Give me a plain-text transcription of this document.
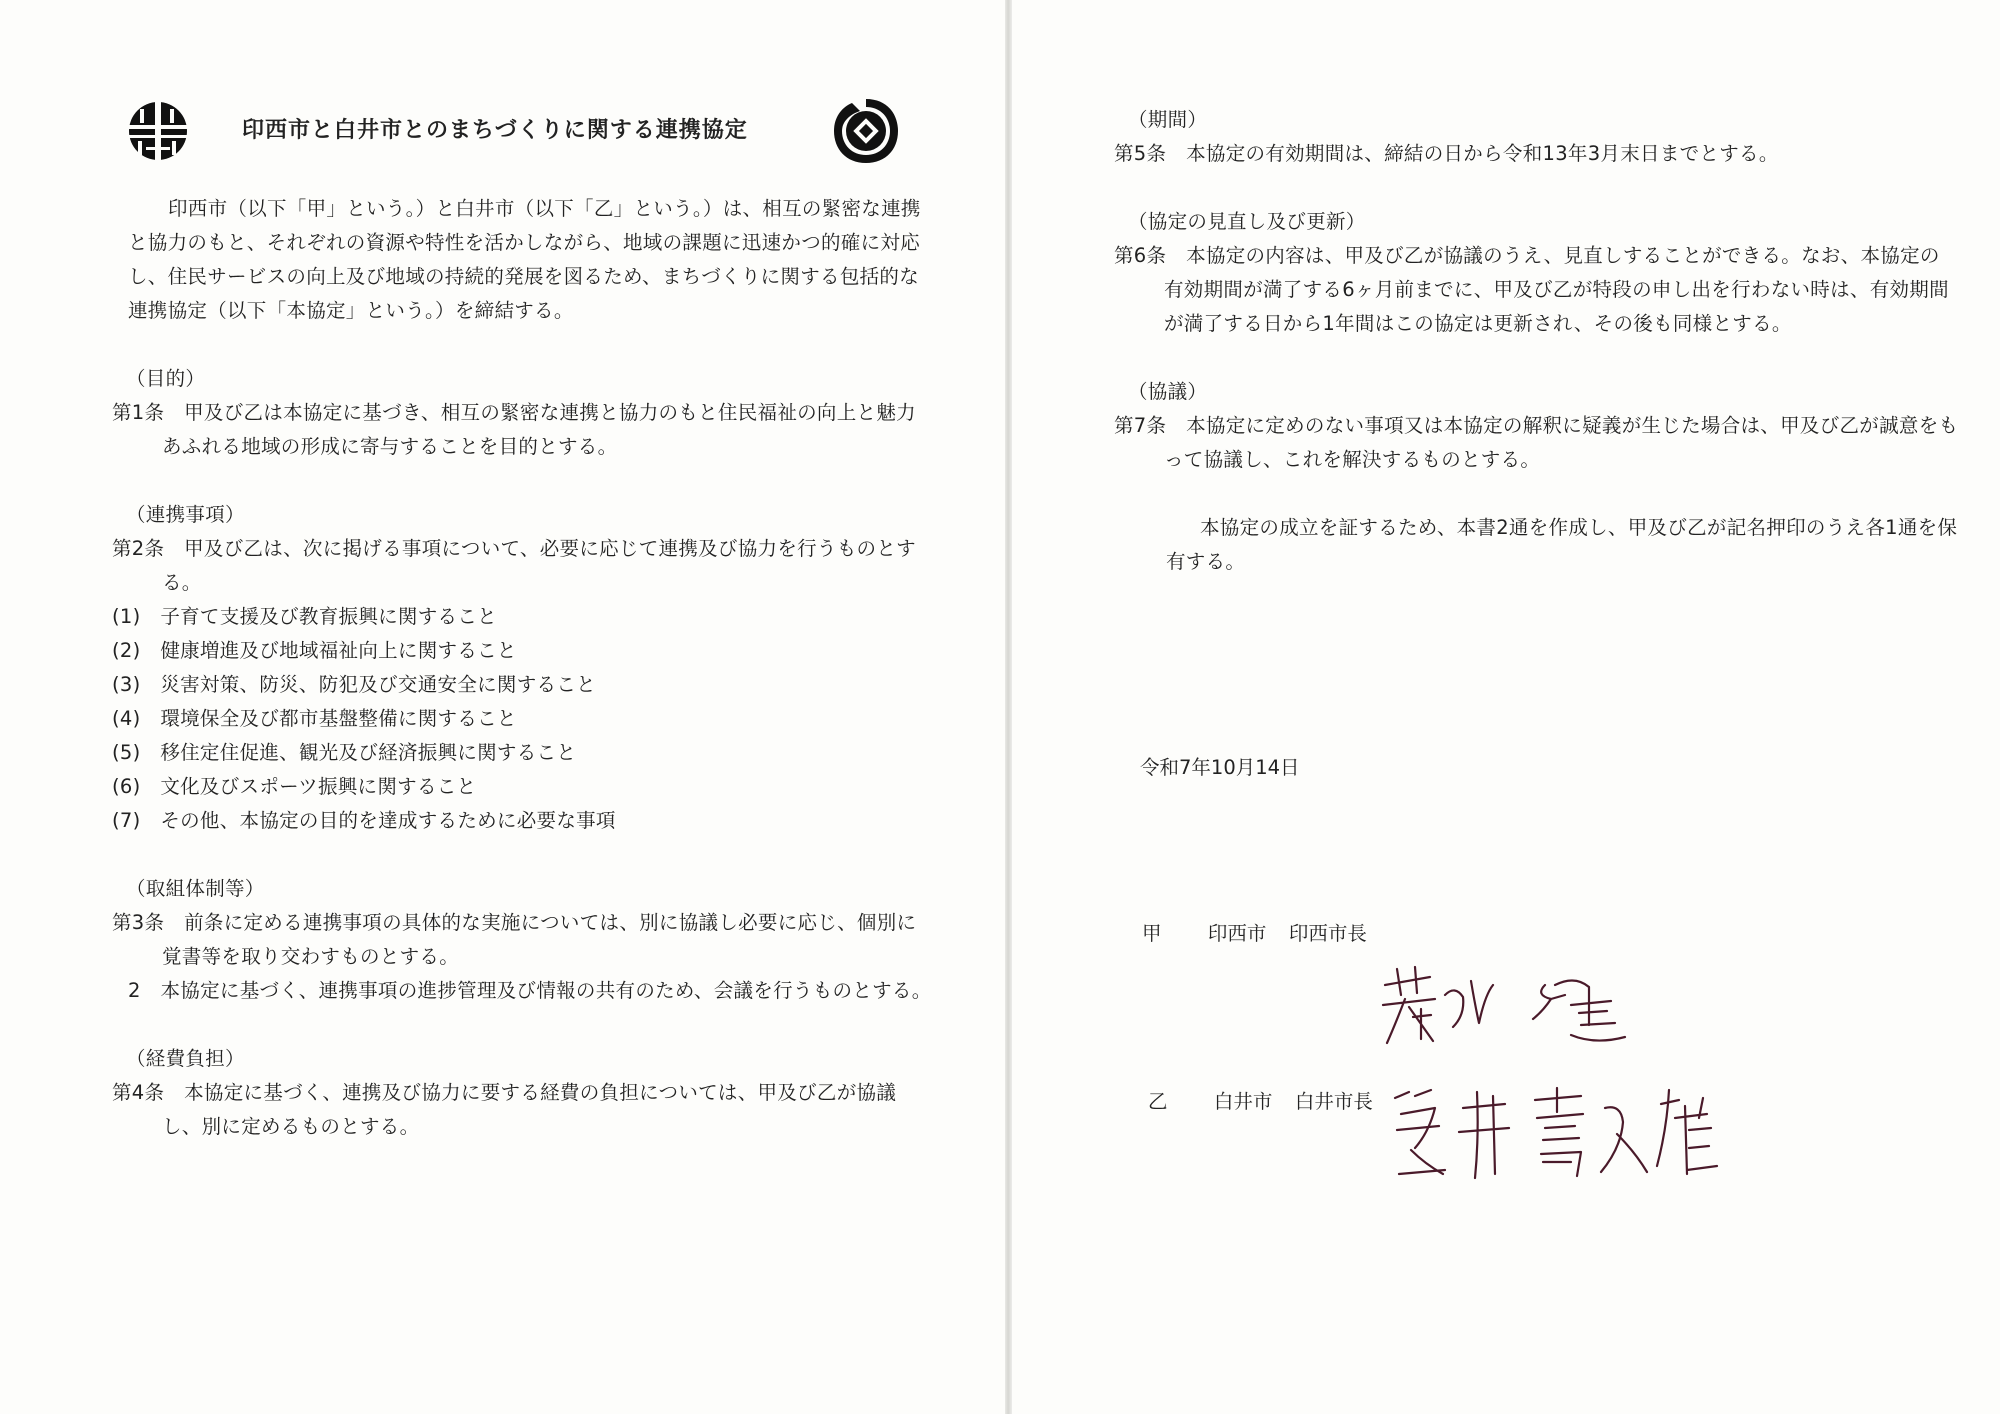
印西市と白井市とのまちづくりに関する連携協定
印西市（以下「甲」という。）と白井市（以下「乙」という。）は、相互の緊密な連携と協力のもと、それぞれの資源や特性を活かしながら、地域の課題に迅速かつ的確に対応し、住民サービスの向上及び地域の持続的発展を図るため、まちづくりに関する包括的な連携協定（以下「本協定」という。）を締結する。
（目的）
第1条　甲及び乙は本協定に基づき、相互の緊密な連携と協力のもと住民福祉の向上と魅力あふれる地域の形成に寄与することを目的とする。
（連携事項）
第2条　甲及び乙は、次に掲げる事項について、必要に応じて連携及び協力を行うものとする。
(1)　子育て支援及び教育振興に関すること
(2)　健康増進及び地域福祉向上に関すること
(3)　災害対策、防災、防犯及び交通安全に関すること
(4)　環境保全及び都市基盤整備に関すること
(5)　移住定住促進、観光及び経済振興に関すること
(6)　文化及びスポーツ振興に関すること
(7)　その他、本協定の目的を達成するために必要な事項
（取組体制等）
第3条　前条に定める連携事項の具体的な実施については、別に協議し必要に応じ、個別に覚書等を取り交わすものとする。
2　本協定に基づく、連携事項の進捗管理及び情報の共有のため、会議を行うものとする。
（経費負担）
第4条　本協定に基づく、連携及び協力に要する経費の負担については、甲及び乙が協議し、別に定めるものとする。
（期間）
第5条　本協定の有効期間は、締結の日から令和13年3月末日までとする。
（協定の見直し及び更新）
第6条　本協定の内容は、甲及び乙が協議のうえ、見直しすることができる。なお、本協定の有効期間が満了する6ヶ月前までに、甲及び乙が特段の申し出を行わない時は、有効期間が満了する日から1年間はこの協定は更新され、その後も同様とする。
（協議）
第7条　本協定に定めのない事項又は本協定の解釈に疑義が生じた場合は、甲及び乙が誠意をもって協議し、これを解決するものとする。
本協定の成立を証するため、本書2通を作成し、甲及び乙が記名押印のうえ各1通を保有する。
令和7年10月14日
甲 印西市 印西市長
乙 白井市 白井市長
